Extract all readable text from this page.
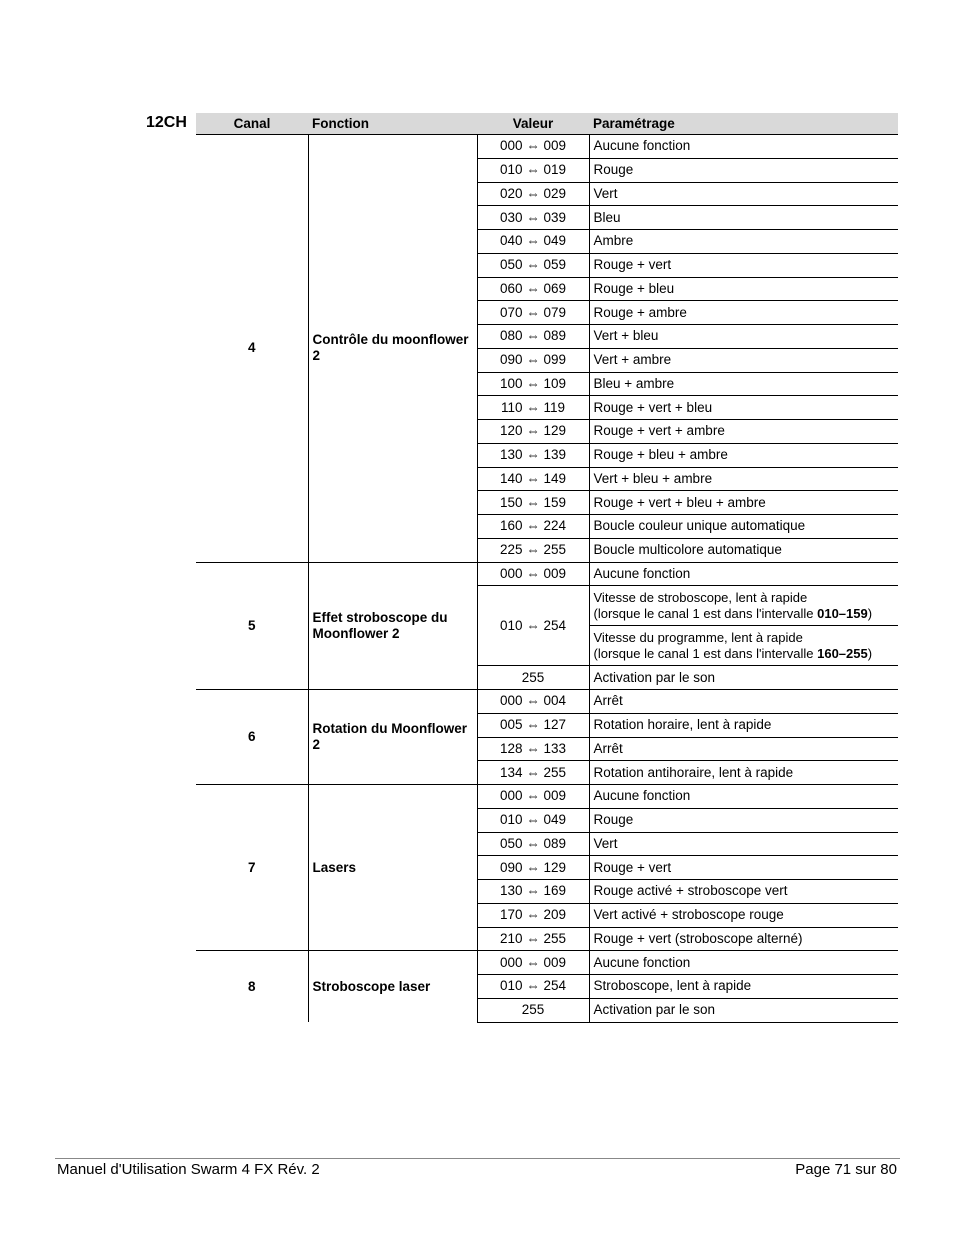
12CH	Canal	Fonction	Valeur	Paramétrage
4	Contrôle du moonflower 2	000 ⇔ 009	Aucune fonction
		010 ⇔ 019	Rouge
		020 ⇔ 029	Vert
		030 ⇔ 039	Bleu
		040 ⇔ 049	Ambre
		050 ⇔ 059	Rouge + vert
		060 ⇔ 069	Rouge + bleu
		070 ⇔ 079	Rouge + ambre
		080 ⇔ 089	Vert + bleu
		090 ⇔ 099	Vert + ambre
		100 ⇔ 109	Bleu + ambre
		110 ⇔ 119	Rouge + vert + bleu
		120 ⇔ 129	Rouge + vert + ambre
		130 ⇔ 139	Rouge + bleu + ambre
		140 ⇔ 149	Vert + bleu + ambre
		150 ⇔ 159	Rouge + vert + bleu + ambre
		160 ⇔ 224	Boucle couleur unique automatique
		225 ⇔ 255	Boucle multicolore automatique
5	Effet stroboscope du Moonflower 2	000 ⇔ 009	Aucune fonction
		010 ⇔ 254	Vitesse de stroboscope, lent à rapide
(lorsque le canal 1 est dans l'intervalle 010–159)
			Vitesse du programme, lent à rapide
(lorsque le canal 1 est dans l'intervalle 160–255)
		255	Activation par le son
6	Rotation du Moonflower 2	000 ⇔ 004	Arrêt
		005 ⇔ 127	Rotation horaire, lent à rapide
		128 ⇔ 133	Arrêt
		134 ⇔ 255	Rotation antihoraire, lent à rapide
7	Lasers	000 ⇔ 009	Aucune fonction
		010 ⇔ 049	Rouge
		050 ⇔ 089	Vert
		090 ⇔ 129	Rouge + vert
		130 ⇔ 169	Rouge activé + stroboscope vert
		170 ⇔ 209	Vert activé + stroboscope rouge
		210 ⇔ 255	Rouge + vert (stroboscope alterné)
8	Stroboscope laser	000 ⇔ 009	Aucune fonction
		010 ⇔ 254	Stroboscope, lent à rapide
		255	Activation par le son
Manuel d'Utilisation Swarm 4 FX Rév. 2	Page 71 sur 80
